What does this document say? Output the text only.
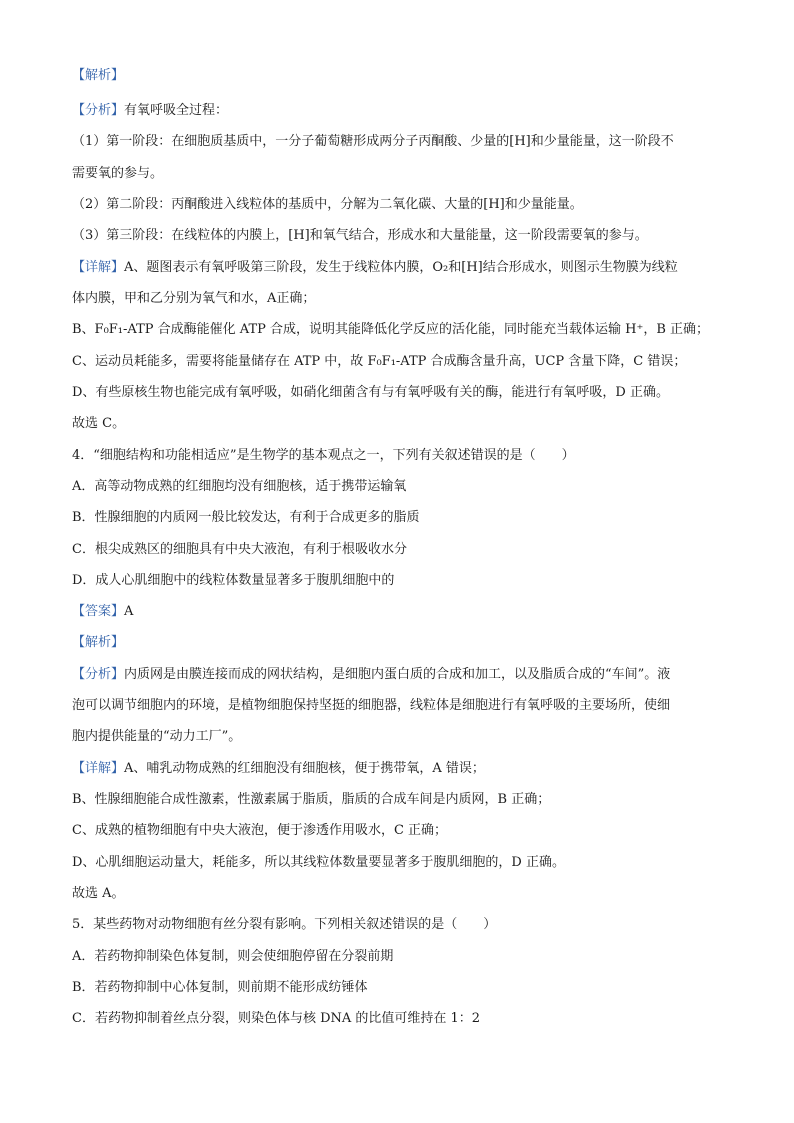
【解析】
【分析】有氧呼吸全过程：
（1）第一阶段：在细胞质基质中，一分子葡萄糖形成两分子丙酮酸、少量的[H]和少量能量，这一阶段不
需要氧的参与。
（2）第二阶段：丙酮酸进入线粒体的基质中，分解为二氧化碳、大量的[H]和少量能量。
（3）第三阶段：在线粒体的内膜上，[H]和氧气结合，形成水和大量能量，这一阶段需要氧的参与。
【详解】A、题图表示有氧呼吸第三阶段，发生于线粒体内膜，O₂和[H]结合形成水，则图示生物膜为线粒
体内膜，甲和乙分别为氧气和水，A正确；
B、F₀F₁-ATP 合成酶能催化 ATP 合成，说明其能降低化学反应的活化能，同时能充当载体运输 H⁺，B 正确；
C、运动员耗能多，需要将能量储存在 ATP 中，故 F₀F₁-ATP 合成酶含量升高，UCP 含量下降，C 错误；
D、有些原核生物也能完成有氧呼吸，如硝化细菌含有与有氧呼吸有关的酶，能进行有氧呼吸，D 正确。
故选 C。
4．“细胞结构和功能相适应”是生物学的基本观点之一，下列有关叙述错误的是（　　）
A．高等动物成熟的红细胞均没有细胞核，适于携带运输氧
B．性腺细胞的内质网一般比较发达，有利于合成更多的脂质
C．根尖成熟区的细胞具有中央大液泡，有利于根吸收水分
D．成人心肌细胞中的线粒体数量显著多于腹肌细胞中的
【答案】A
【解析】
【分析】内质网是由膜连接而成的网状结构，是细胞内蛋白质的合成和加工，以及脂质合成的“车间”。液
泡可以调节细胞内的环境，是植物细胞保持坚挺的细胞器，线粒体是细胞进行有氧呼吸的主要场所，使细
胞内提供能量的“动力工厂”。
【详解】A、哺乳动物成熟的红细胞没有细胞核，便于携带氧，A 错误；
B、性腺细胞能合成性激素，性激素属于脂质，脂质的合成车间是内质网，B 正确；
C、成熟的植物细胞有中央大液泡，便于渗透作用吸水，C 正确；
D、心肌细胞运动量大，耗能多，所以其线粒体数量要显著多于腹肌细胞的，D 正确。
故选 A。
5．某些药物对动物细胞有丝分裂有影响。下列相关叙述错误的是（　　）
A．若药物抑制染色体复制，则会使细胞停留在分裂前期
B．若药物抑制中心体复制，则前期不能形成纺锤体
C．若药物抑制着丝点分裂，则染色体与核 DNA 的比值可维持在 1：2
